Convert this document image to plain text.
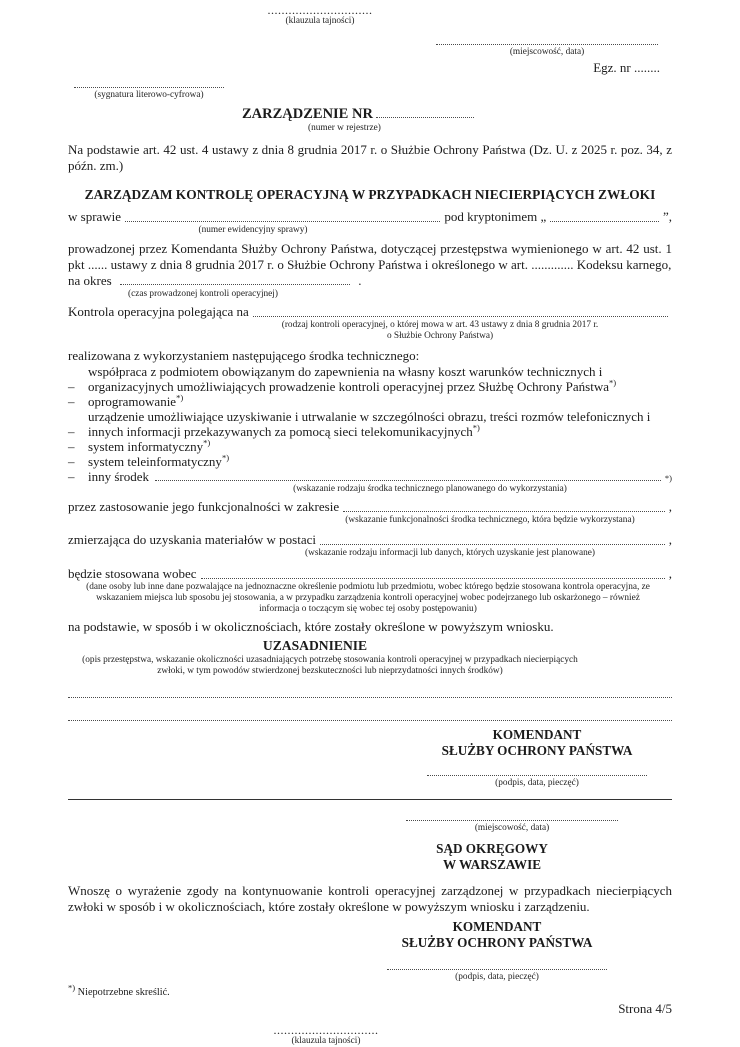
..............................
(klauzula tajności)
(miejscowość, data)
Egz. nr ........
(sygnatura literowo-cyfrowa)
ZARZĄDZENIE NR
(numer w rejestrze)

Na podstawie art. 42 ust. 4 ustawy z dnia 8 grudnia 2017 r. o Służbie Ochrony Państwa (Dz. U. z 2025 r. poz. 34, z późn. zm.)

ZARZĄDZAM KONTROLĘ OPERACYJNĄ W PRZYPADKACH NIECIERPIĄCYCH ZWŁOKI
w sprawie	pod kryptonimem „	”,
(numer ewidencyjny sprawy)

prowadzonej przez Komendanta Służby Ochrony Państwa, dotyczącej przestępstwa wymienionego w art. 42 ust. 1 pkt ...... ustawy z dnia 8 grudnia 2017 r. o Służbie Ochrony Państwa i określonego w art. ............. Kodeksu karnego,

na okres	.
(czas prowadzonej kontroli operacyjnej)
Kontrola operacyjna polegająca na
(rodzaj kontroli operacyjnej, o której mowa w art. 43 ustawy z dnia 8 grudnia 2017 r.
o Służbie Ochrony Państwa)
realizowana z wykorzystaniem następującego środka technicznego:
–
współpraca z podmiotem obowiązanym do zapewnienia na własny koszt warunków technicznych i organizacyjnych umożliwiających prowadzenie kontroli operacyjnej przez Służbę Ochrony Państwa*)
–	oprogramowanie*)
–
urządzenie umożliwiające uzyskiwanie i utrwalanie w szczególności obrazu, treści rozmów telefonicznych i innych informacji przekazywanych za pomocą sieci telekomunikacyjnych*)
–	system informatyczny*)
–	system teleinformatyczny*)
–	inny środek	*)
(wskazanie rodzaju środka technicznego planowanego do wykorzystania)
przez zastosowanie jego funkcjonalności w zakresie	,
(wskazanie funkcjonalności środka technicznego, która będzie wykorzystana)
zmierzająca do uzyskania materiałów w postaci	,
(wskazanie rodzaju informacji lub danych, których uzyskanie jest planowane)
będzie stosowana wobec	,
(dane osoby lub inne dane pozwalające na jednoznaczne określenie podmiotu lub przedmiotu, wobec którego będzie stosowana kontrola operacyjna, ze wskazaniem miejsca lub sposobu jej stosowania, a w przypadku zarządzenia kontroli operacyjnej wobec podejrzanego lub oskarżonego – również informacja o toczącym się wobec tej osoby postępowaniu)

na podstawie, w sposób i w okolicznościach, które zostały określone w powyższym wniosku.

UZASADNIENIE
(opis przestępstwa, wskazanie okoliczności uzasadniających potrzebę stosowania kontroli operacyjnej w przypadkach niecierpiących zwłoki, w tym powodów stwierdzonej bezskuteczności lub nieprzydatności innych środków)
KOMENDANT
SŁUŻBY OCHRONY PAŃSTWA
(podpis, data, pieczęć)
(miejscowość, data)
SĄD OKRĘGOWY
W WARSZAWIE

Wnoszę o wyrażenie zgody na kontynuowanie kontroli operacyjnej zarządzonej w przypadkach niecierpiących zwłoki w sposób i w okolicznościach, które zostały określone w powyższym wniosku i zarządzeniu.

KOMENDANT
SŁUŻBY OCHRONY PAŃSTWA
(podpis, data, pieczęć)
*) Niepotrzebne skreślić.
Strona 4/5
..............................
(klauzula tajności)
